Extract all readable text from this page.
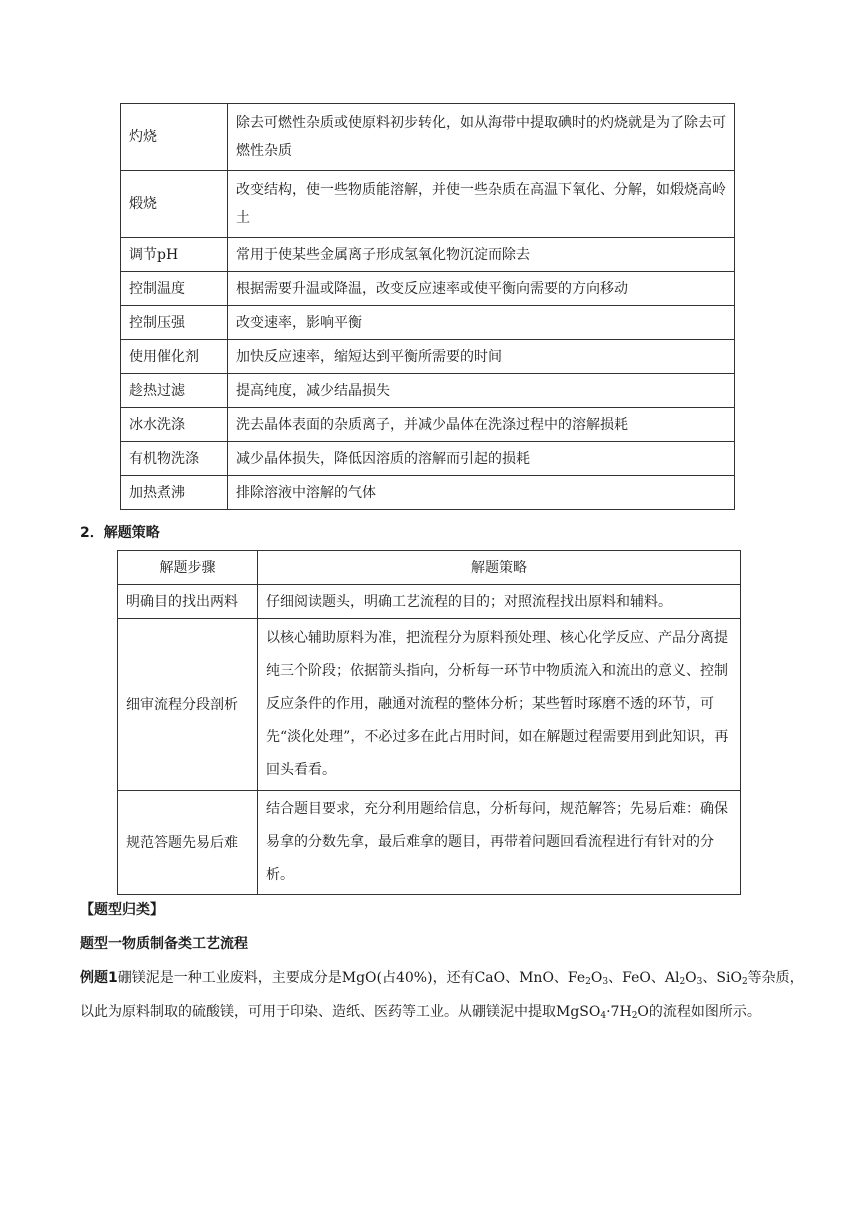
灼烧	除去可燃性杂质或使原料初步转化，如从海带中提取碘时的灼烧就是为了除去可燃性杂质
煅烧	改变结构，使一些物质能溶解，并使一些杂质在高温下氧化、分解，如煅烧高岭土
调节pH	常用于使某些金属离子形成氢氧化物沉淀而除去
控制温度	根据需要升温或降温，改变反应速率或使平衡向需要的方向移动
控制压强	改变速率，影响平衡
使用催化剂	加快反应速率，缩短达到平衡所需要的时间
趁热过滤	提高纯度，减少结晶损失
冰水洗涤	洗去晶体表面的杂质离子，并减少晶体在洗涤过程中的溶解损耗
有机物洗涤	减少晶体损失，降低因溶质的溶解而引起的损耗
加热煮沸	排除溶液中溶解的气体
2．解题策略
解题步骤	解题策略
明确目的找出两料	仔细阅读题头，明确工艺流程的目的；对照流程找出原料和辅料。
细审流程分段剖析	以核心辅助原料为准，把流程分为原料预处理、核心化学反应、产品分离提纯三个阶段；依据箭头指向，分析每一环节中物质流入和流出的意义、控制反应条件的作用，融通对流程的整体分析；某些暂时琢磨不透的环节，可先“淡化处理”，不必过多在此占用时间，如在解题过程需要用到此知识，再回头看看。
规范答题先易后难	结合题目要求，充分利用题给信息，分析每问，规范解答；先易后难：确保易拿的分数先拿，最后难拿的题目，再带着问题回看流程进行有针对的分析。
【题型归类】
题型一物质制备类工艺流程
例题1硼镁泥是一种工业废料，主要成分是MgO(占40%)，还有CaO、MnO、$Fe_2O_3$、FeO、$Al_2O_3$、SiO$_2$等杂质，
以此为原料制取的硫酸镁，可用于印染、造纸、医药等工业。从硼镁泥中提取$MgSO_4\cdot 7H_2O$的流程如图所示。
